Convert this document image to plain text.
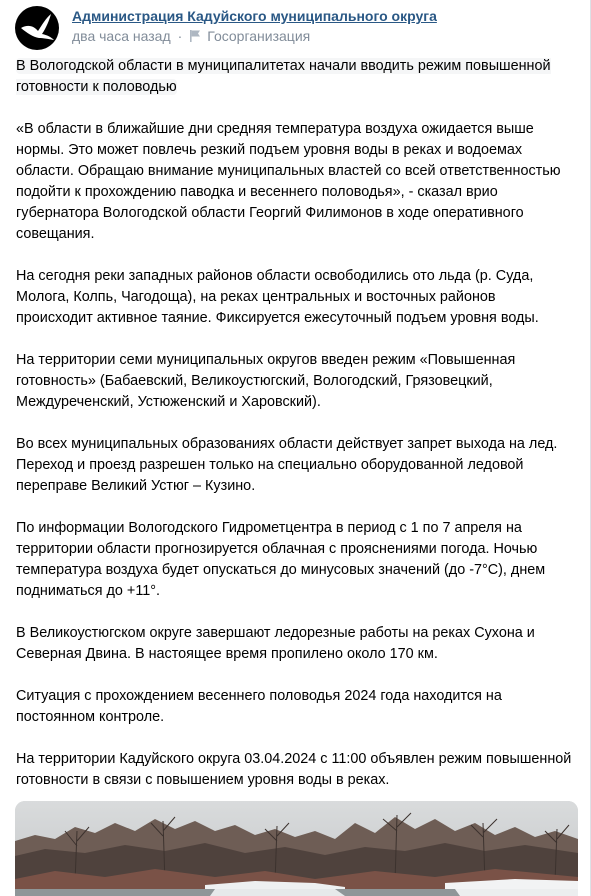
Администрация Кадуйского муниципального округа
два часа назад · Госорганизация

В Вологодской области в муниципалитетах начали вводить режим повышенной готовности к половодью

«В области в ближайшие дни средняя температура воздуха ожидается выше нормы. Это может повлечь резкий подъем уровня воды в реках и водоемах области. Обращаю внимание муниципальных властей со всей ответственностью подойти к прохождению паводка и весеннего половодья», - сказал врио губернатора Вологодской области Георгий Филимонов в ходе оперативного совещания.

На сегодня реки западных районов области освободились ото льда (р. Суда, Молога, Колпь, Чагодоща), на реках центральных и восточных районов происходит активное таяние. Фиксируется ежесуточный подъем уровня воды.

На территории семи муниципальных округов введен режим «Повышенная готовность» (Бабаевский, Великоустюгский, Вологодский, Грязовецкий, Междуреченский, Устюженский и Харовский).

Во всех муниципальных образованиях области действует запрет выхода на лед. Переход и проезд разрешен только на специально оборудованной ледовой переправе Великий Устюг – Кузино.

По информации Вологодского Гидрометцентра в период с 1 по 7 апреля на территории области прогнозируется облачная с прояснениями погода. Ночью температура воздуха будет опускаться до минусовых значений (до -7°С), днем подниматься до +11°.

В Великоустюгском округе завершают ледорезные работы на реках Сухона и Северная Двина. В настоящее время пропилено около 170 км.

Ситуация с прохождением весеннего половодья 2024 года находится на постоянном контроле.

На территории Кадуйского округа 03.04.2024 с 11:00 объявлен режим повышенной готовности в связи с повышением уровня воды в реках.
